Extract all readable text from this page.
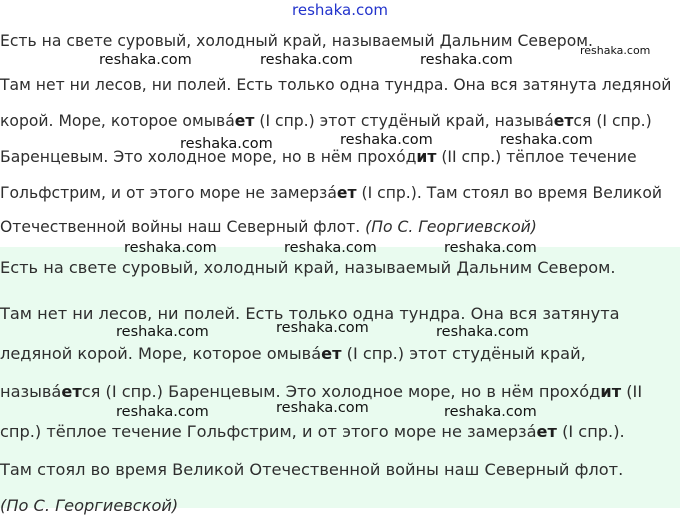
reshaka.com
Есть на свете суровый, холодный край, называемый Дальним Севером.
Там нет ни лесов, ни полей. Есть только одна тундра. Она вся затянута ледяной
корой. Море, которое омыва́ет (I спр.) этот студёный край, называ́ется (I спр.)
Баренцевым. Это холодное море, но в нём прохо́дит (II спр.) тёплое течение
Гольфстрим, и от этого море не замерза́ет (I спр.). Там стоял во время Великой
Отечественной войны наш Северный флот. (По С. Георгиевской)
Есть на свете суровый, холодный край, называемый Дальним Севером.
Там нет ни лесов, ни полей. Есть только одна тундра. Она вся затянута
ледяной корой. Море, которое омыва́ет (I спр.) этот студёный край,
называ́ется (I спр.) Баренцевым. Это холодное море, но в нём прохо́дит (II
спр.) тёплое течение Гольфстрим, и от этого море не замерза́ет (I спр.).
Там стоял во время Великой Отечественной войны наш Северный флот.
(По С. Георгиевской)
reshaka.com
reshaka.com	reshaka.com	reshaka.com
reshaka.com	reshaka.com	reshaka.com
reshaka.com	reshaka.com	reshaka.com
reshaka.com	reshaka.com	reshaka.com
reshaka.com	reshaka.com	reshaka.com
